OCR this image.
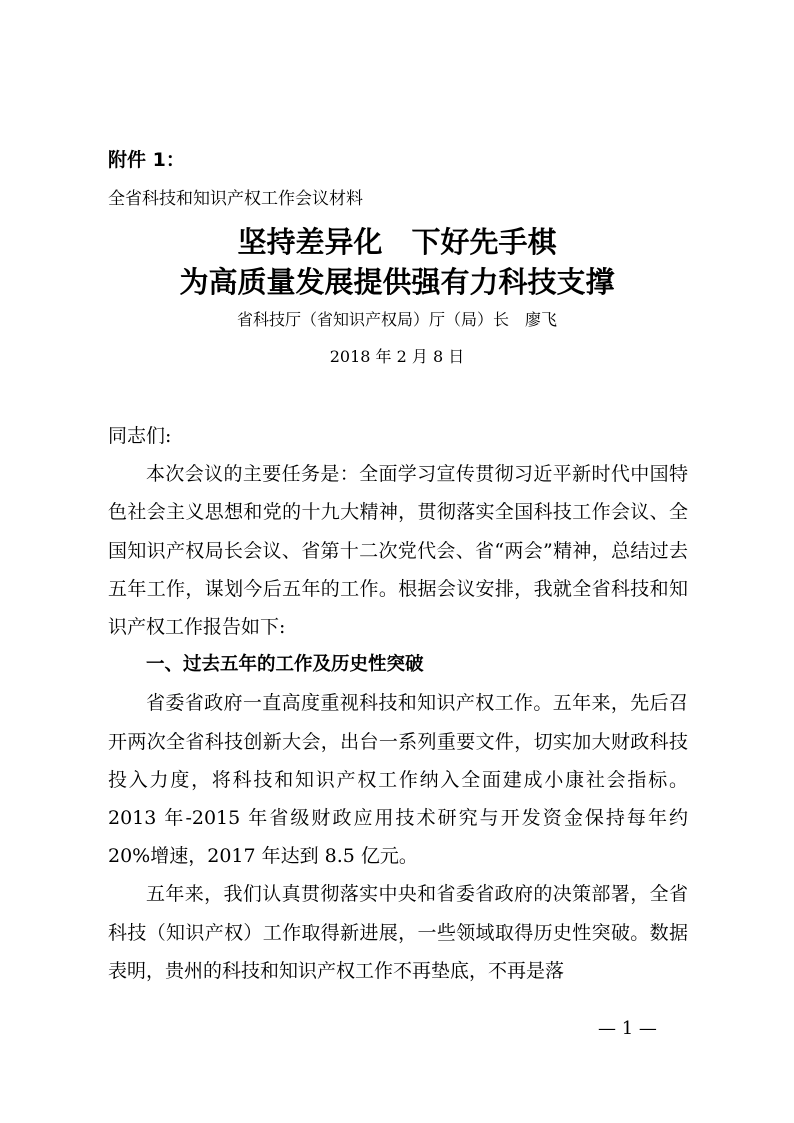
附件 1：
全省科技和知识产权工作会议材料
坚持差异化　下好先手棋
为高质量发展提供强有力科技支撑
省科技厅（省知识产权局）厅（局）长　廖飞
2018 年 2 月 8 日

同志们:

本次会议的主要任务是：全面学习宣传贯彻习近平新时代中国特色社会主义思想和党的十九大精神，贯彻落实全国科技工作会议、全国知识产权局长会议、省第十二次党代会、省“两会”精神，总结过去五年工作，谋划今后五年的工作。根据会议安排，我就全省科技和知识产权工作报告如下:

一、过去五年的工作及历史性突破

省委省政府一直高度重视科技和知识产权工作。五年来，先后召开两次全省科技创新大会，出台一系列重要文件，切实加大财政科技投入力度，将科技和知识产权工作纳入全面建成小康社会指标。2013 年-2015 年省级财政应用技术研究与开发资金保持每年约 20%增速，2017 年达到 8.5 亿元。

五年来，我们认真贯彻落实中央和省委省政府的决策部署，全省科技（知识产权）工作取得新进展，一些领域取得历史性突破。数据表明，贵州的科技和知识产权工作不再垫底，不再是落

— 1 —
